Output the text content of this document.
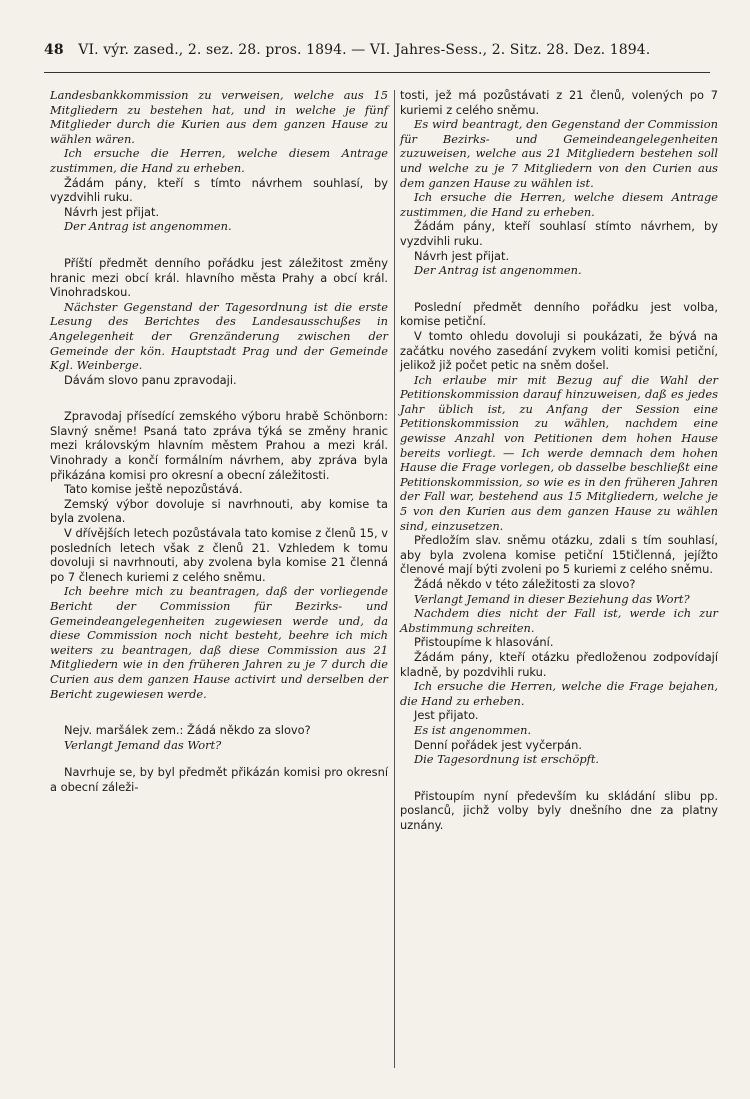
48 VI. výr. zased., 2. sez. 28. pros. 1894. — VI. Jahres-Sess., 2. Sitz. 28. Dez. 1894.

Landesbankkommission zu verweisen, welche aus 15 Mitgliedern zu bestehen hat, und in welche je fünf Mitglieder durch die Kurien aus dem ganzen Hause zu wählen wären.

Ich ersuche die Herren, welche diesem Antrage zustimmen, die Hand zu erheben.

Žádám pány, kteří s tímto návrhem souhlasí, by vyzdvihli ruku.

Návrh jest přijat.

Der Antrag ist angenommen.

Příští předmět denního pořádku jest záležitost změny hranic mezi obcí král. hlavního města Prahy a obcí král. Vinohradskou.

Nächster Gegenstand der Tagesordnung ist die erste Lesung des Berichtes des Landesausschußes in Angelegenheit der Grenzänderung zwischen der Gemeinde der kön. Hauptstadt Prag und der Gemeinde Kgl. Weinberge.

Dávám slovo panu zpravodaji.

Zpravodaj přísedící zemského výboru hrabě Schönborn: Slavný sněme! Psaná tato zpráva týká se změny hranic mezi královským hlavním městem Prahou a mezi král. Vinohrady a končí formálním návrhem, aby zpráva byla přikázána komisi pro okresní a obecní záležitosti.

Tato komise ještě nepozůstává.

Zemský výbor dovoluje si navrhnouti, aby komise ta byla zvolena.

V dřívějších letech pozůstávala tato komise z členů 15, v posledních letech však z členů 21. Vzhledem k tomu dovoluji si navrhnouti, aby zvolena byla komise 21 členná po 7 členech kuriemi z celého sněmu.

Ich beehre mich zu beantragen, daß der vorliegende Bericht der Commission für Bezirks- und Gemeindeangelegenheiten zugewiesen werde und, da diese Commission noch nicht besteht, beehre ich mich weiters zu beantragen, daß diese Commission aus 21 Mitgliedern wie in den früheren Jahren zu je 7 durch die Curien aus dem ganzen Hause activirt und derselben der Bericht zugewiesen werde.

Nejv. maršálek zem.: Žádá někdo za slovo?

Verlangt Jemand das Wort?

Navrhuje se, by byl předmět přikázán komisi pro okresní a obecní záleži-

tosti, jež má pozůstávati z 21 členů, volených po 7 kuriemi z celého sněmu.

Es wird beantragt, den Gegenstand der Commission für Bezirks- und Gemeindeangelegenheiten zuzuweisen, welche aus 21 Mitgliedern bestehen soll und welche zu je 7 Mitgliedern von den Curien aus dem ganzen Hause zu wählen ist.

Ich ersuche die Herren, welche diesem Antrage zustimmen, die Hand zu erheben.

Žádám pány, kteří souhlasí stímto návrhem, by vyzdvihli ruku.

Návrh jest přijat.

Der Antrag ist angenommen.

Poslední předmět denního pořádku jest volba, komise petiční.

V tomto ohledu dovoluji si poukázati, že bývá na začátku nového zasedání zvykem voliti komisi petiční, jelikož již počet petic na sněm došel.

Ich erlaube mir mit Bezug auf die Wahl der Petitionskommission darauf hinzuweisen, daß es jedes Jahr üblich ist, zu Anfang der Session eine Petitionskommission zu wählen, nachdem eine gewisse Anzahl von Petitionen dem hohen Hause bereits vorliegt. — Ich werde demnach dem hohen Hause die Frage vorlegen, ob dasselbe beschließt eine Petitionskommission, so wie es in den früheren Jahren der Fall war, bestehend aus 15 Mitgliedern, welche je 5 von den Kurien aus dem ganzen Hause zu wählen sind, einzusetzen.

Předložím slav. sněmu otázku, zdali s tím souhlasí, aby byla zvolena komise petiční 15tičlenná, jejížto členové mají býti zvoleni po 5 kuriemi z celého sněmu.

Žádá někdo v této záležitosti za slovo?

Verlangt Jemand in dieser Beziehung das Wort?

Nachdem dies nicht der Fall ist, werde ich zur Abstimmung schreiten.

Přistoupíme k hlasování.

Žádám pány, kteří otázku předloženou zodpovídají kladně, by pozdvihli ruku.

Ich ersuche die Herren, welche die Frage bejahen, die Hand zu erheben.

Jest přijato.

Es ist angenommen.

Denní pořádek jest vyčerpán.

Die Tagesordnung ist erschöpft.

Přistoupím nyní především ku skládání slibu pp. poslanců, jichž volby byly dnešního dne za platny uznány.
